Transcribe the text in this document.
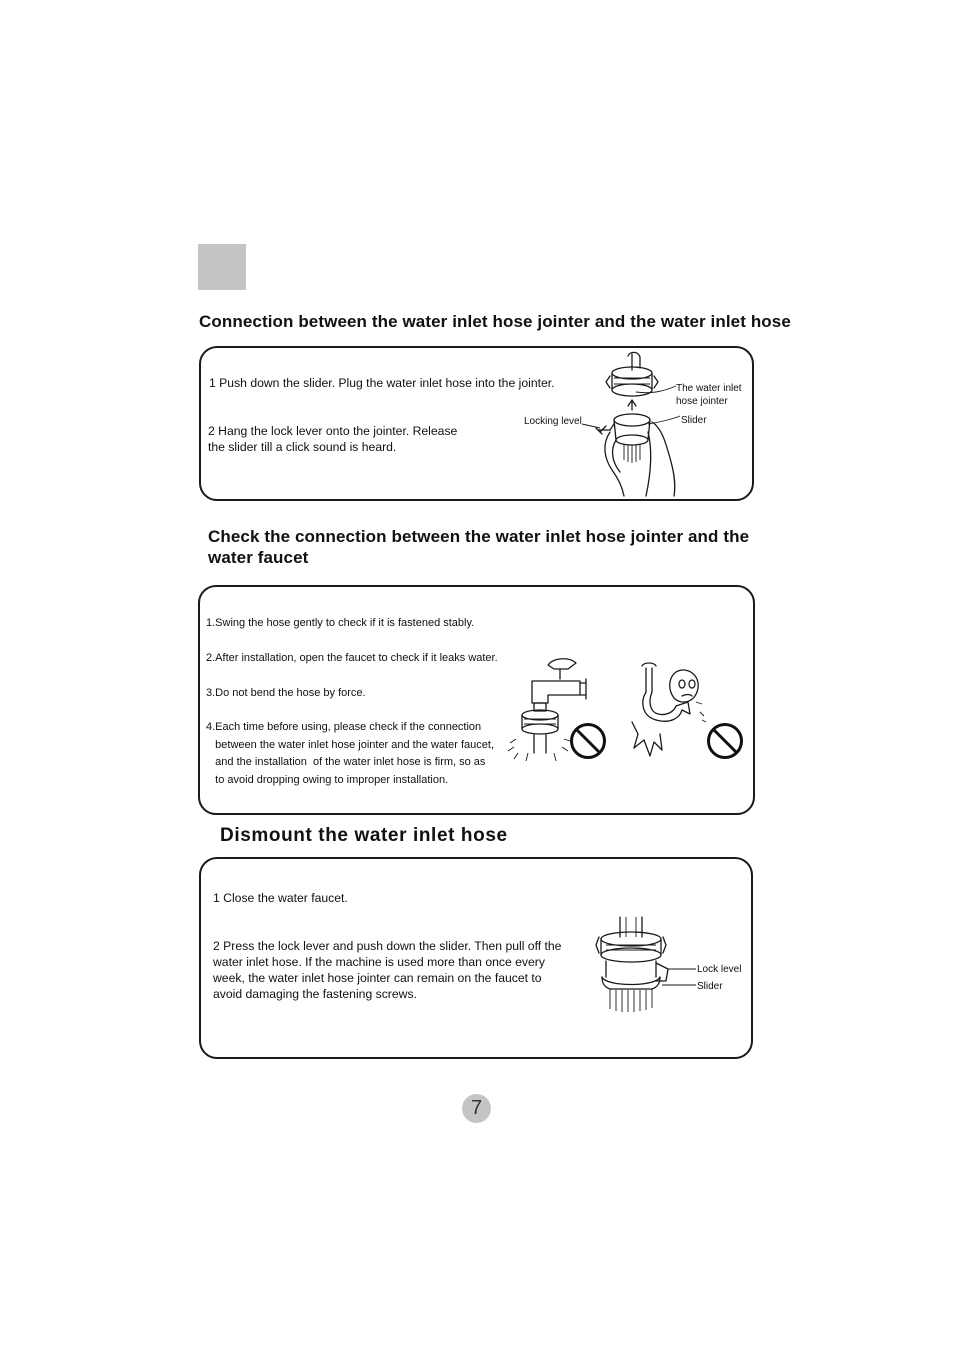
Connection between the water inlet hose jointer and the water inlet hose

1 Push down the slider. Plug the water inlet hose into the jointer.

2 Hang the lock lever onto the jointer. Release
the slider till a click sound is heard.

The water inlet
hose jointer

Slider

Locking level

Check the connection between the water inlet hose jointer and the
water faucet

1.Swing the hose gently to check if it is fastened stably.

2.After installation, open the faucet to check if it leaks water.

3.Do not bend the hose by force.

4.Each time before using, please check if the connection

between the water inlet hose jointer and the water faucet,

and the installation  of the water inlet hose is firm, so as

to avoid dropping owing to improper installation.

Dismount the water inlet hose

1 Close the water faucet.

2 Press the lock lever and push down the slider. Then pull off the
water inlet hose. If the machine is used more than once every
week, the water inlet hose jointer can remain on the faucet to
avoid damaging the fastening screws.

Lock level

Slider

7
